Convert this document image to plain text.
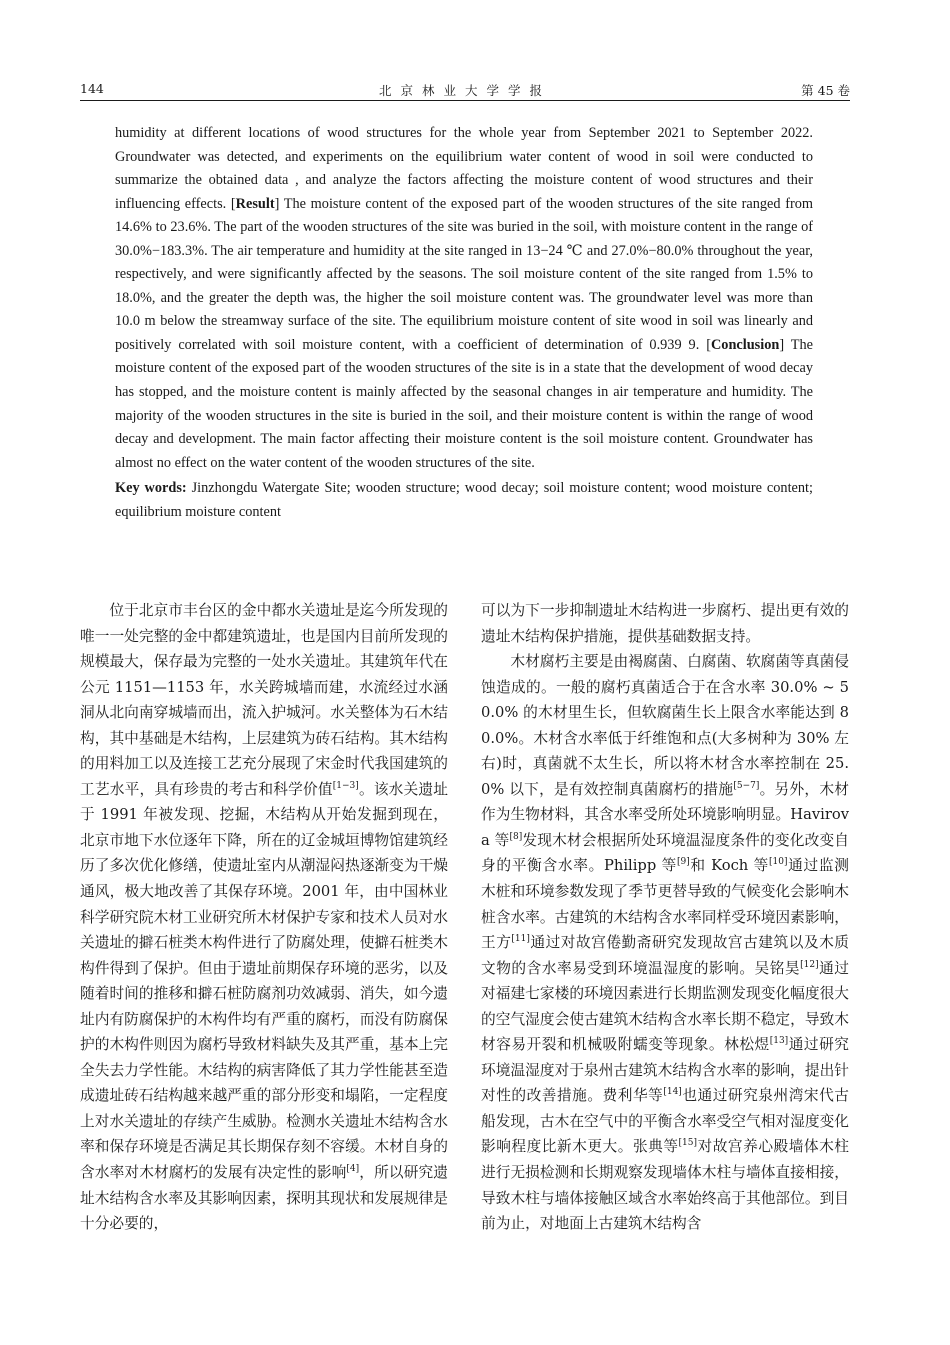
144	北京林业大学学报	第 45 卷

humidity at different locations of wood structures for the whole year from September 2021 to September 2022. Groundwater was detected, and experiments on the equilibrium water content of wood in soil were conducted to summarize the obtained data , and analyze the factors affecting the moisture content of wood structures and their influencing effects. [Result] The moisture content of the exposed part of the wooden structures of the site ranged from 14.6% to 23.6%. The part of the wooden structures of the site was buried in the soil, with moisture content in the range of 30.0%−183.3%. The air temperature and humidity at the site ranged in 13−24 ℃ and 27.0%−80.0% throughout the year, respectively, and were significantly affected by the seasons. The soil moisture content of the site ranged from 1.5% to 18.0%, and the greater the depth was, the higher the soil moisture content was. The groundwater level was more than 10.0 m below the streamway surface of the site. The equilibrium moisture content of site wood in soil was linearly and positively correlated with soil moisture content, with a coefficient of determination of 0.939 9. [Conclusion] The moisture content of the exposed part of the wooden structures of the site is in a state that the development of wood decay has stopped, and the moisture content is mainly affected by the seasonal changes in air temperature and humidity. The majority of the wooden structures in the site is buried in the soil, and their moisture content is within the range of wood decay and development. The main factor affecting their moisture content is the soil moisture content. Groundwater has almost no effect on the water content of the wooden structures of the site.

Key words: Jinzhongdu Watergate Site; wooden structure; wood decay; soil moisture content; wood moisture content; equilibrium moisture content

位于北京市丰台区的金中都水关遗址是迄今所发现的唯一一处完整的金中都建筑遗址，也是国内目前所发现的规模最大，保存最为完整的一处水关遗址。其建筑年代在公元 1151—1153 年，水关跨城墙而建，水流经过水涵洞从北向南穿城墙而出，流入护城河。水关整体为石木结构，其中基础是木结构，上层建筑为砖石结构。其木结构的用料加工以及连接工艺充分展现了宋金时代我国建筑的工艺水平，具有珍贵的考古和科学价值[1−3]。该水关遗址于 1991 年被发现、挖掘，木结构从开始发掘到现在，北京市地下水位逐年下降，所在的辽金城垣博物馆建筑经历了多次优化修缮，使遗址室内从潮湿闷热逐渐变为干燥通风，极大地改善了其保存环境。2001 年，由中国林业科学研究院木材工业研究所木材保护专家和技术人员对水关遗址的擗石桩类木构件进行了防腐处理，使擗石桩类木构件得到了保护。但由于遗址前期保存环境的恶劣，以及随着时间的推移和擗石桩防腐剂功效减弱、消失，如今遗址内有防腐保护的木构件均有严重的腐朽，而没有防腐保护的木构件则因为腐朽导致材料缺失及其严重，基本上完全失去力学性能。木结构的病害降低了其力学性能甚至造成遗址砖石结构越来越严重的部分形变和塌陷，一定程度上对水关遗址的存续产生威胁。检测水关遗址木结构含水率和保存环境是否满足其长期保存刻不容缓。木材自身的含水率对木材腐朽的发展有决定性的影响[4]，所以研究遗址木结构含水率及其影响因素，探明其现状和发展规律是十分必要的，

可以为下一步抑制遗址木结构进一步腐朽、提出更有效的遗址木结构保护措施，提供基础数据支持。

木材腐朽主要是由褐腐菌、白腐菌、软腐菌等真菌侵蚀造成的。一般的腐朽真菌适合于在含水率 30.0% ~ 50.0% 的木材里生长，但软腐菌生长上限含水率能达到 80.0%。木材含水率低于纤维饱和点(大多树种为 30% 左右)时，真菌就不太生长，所以将木材含水率控制在 25.0% 以下，是有效控制真菌腐朽的措施[5−7]。另外，木材作为生物材料，其含水率受所处环境影响明显。Havirova 等[8]发现木材会根据所处环境温湿度条件的变化改变自身的平衡含水率。Philipp 等[9]和 Koch 等[10]通过监测木桩和环境参数发现了季节更替导致的气候变化会影响木桩含水率。古建筑的木结构含水率同样受环境因素影响，王方[11]通过对故宫倦勤斋研究发现故宫古建筑以及木质文物的含水率易受到环境温湿度的影响。吴铭昊[12]通过对福建七家楼的环境因素进行长期监测发现变化幅度很大的空气湿度会使古建筑木结构含水率长期不稳定，导致木材容易开裂和机械吸附蠕变等现象。林松煜[13]通过研究环境温湿度对于泉州古建筑木结构含水率的影响，提出针对性的改善措施。费利华等[14]也通过研究泉州湾宋代古船发现，古木在空气中的平衡含水率受空气相对湿度变化影响程度比新木更大。张典等[15]对故宫养心殿墙体木柱进行无损检测和长期观察发现墙体木柱与墙体直接相接，导致木柱与墙体接触区域含水率始终高于其他部位。到目前为止，对地面上古建筑木结构含
